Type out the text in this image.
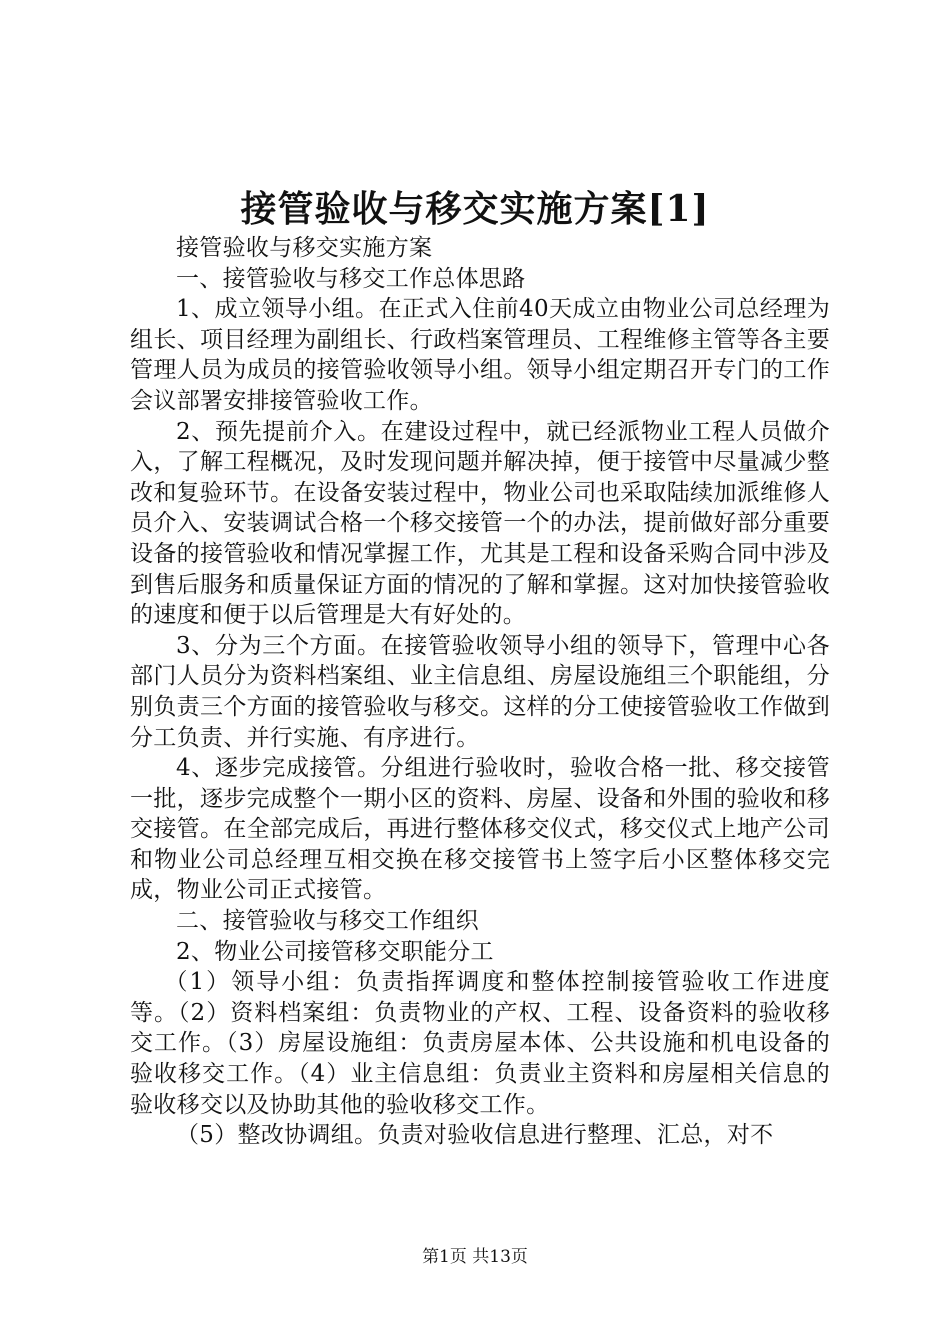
接管验收与移交实施方案[1]

接管验收与移交实施方案

一、接管验收与移交工作总体思路

1、成立领导小组。在正式入住前40天成立由物业公司总经理为组长、项目经理为副组长、行政档案管理员、工程维修主管等各主要管理人员为成员的接管验收领导小组。领导小组定期召开专门的工作会议部署安排接管验收工作。

2、预先提前介入。在建设过程中，就已经派物业工程人员做介入，了解工程概况，及时发现问题并解决掉，便于接管中尽量减少整改和复验环节。在设备安装过程中，物业公司也采取陆续加派维修人员介入、安装调试合格一个移交接管一个的办法，提前做好部分重要设备的接管验收和情况掌握工作，尤其是工程和设备采购合同中涉及到售后服务和质量保证方面的情况的了解和掌握。这对加快接管验收的速度和便于以后管理是大有好处的。

3、分为三个方面。在接管验收领导小组的领导下，管理中心各部门人员分为资料档案组、业主信息组、房屋设施组三个职能组，分别负责三个方面的接管验收与移交。这样的分工使接管验收工作做到分工负责、并行实施、有序进行。

4、逐步完成接管。分组进行验收时，验收合格一批、移交接管一批，逐步完成整个一期小区的资料、房屋、设备和外围的验收和移交接管。在全部完成后，再进行整体移交仪式，移交仪式上地产公司和物业公司总经理互相交换在移交接管书上签字后小区整体移交完成，物业公司正式接管。

二、接管验收与移交工作组织

2、物业公司接管移交职能分工

（1）领导小组：负责指挥调度和整体控制接管验收工作进度等。（2）资料档案组：负责物业的产权、工程、设备资料的验收移交工作。（3）房屋设施组：负责房屋本体、公共设施和机电设备的验收移交工作。（4）业主信息组：负责业主资料和房屋相关信息的验收移交以及协助其他的验收移交工作。

（5）整改协调组。负责对验收信息进行整理、汇总，对不

第1页 共13页
